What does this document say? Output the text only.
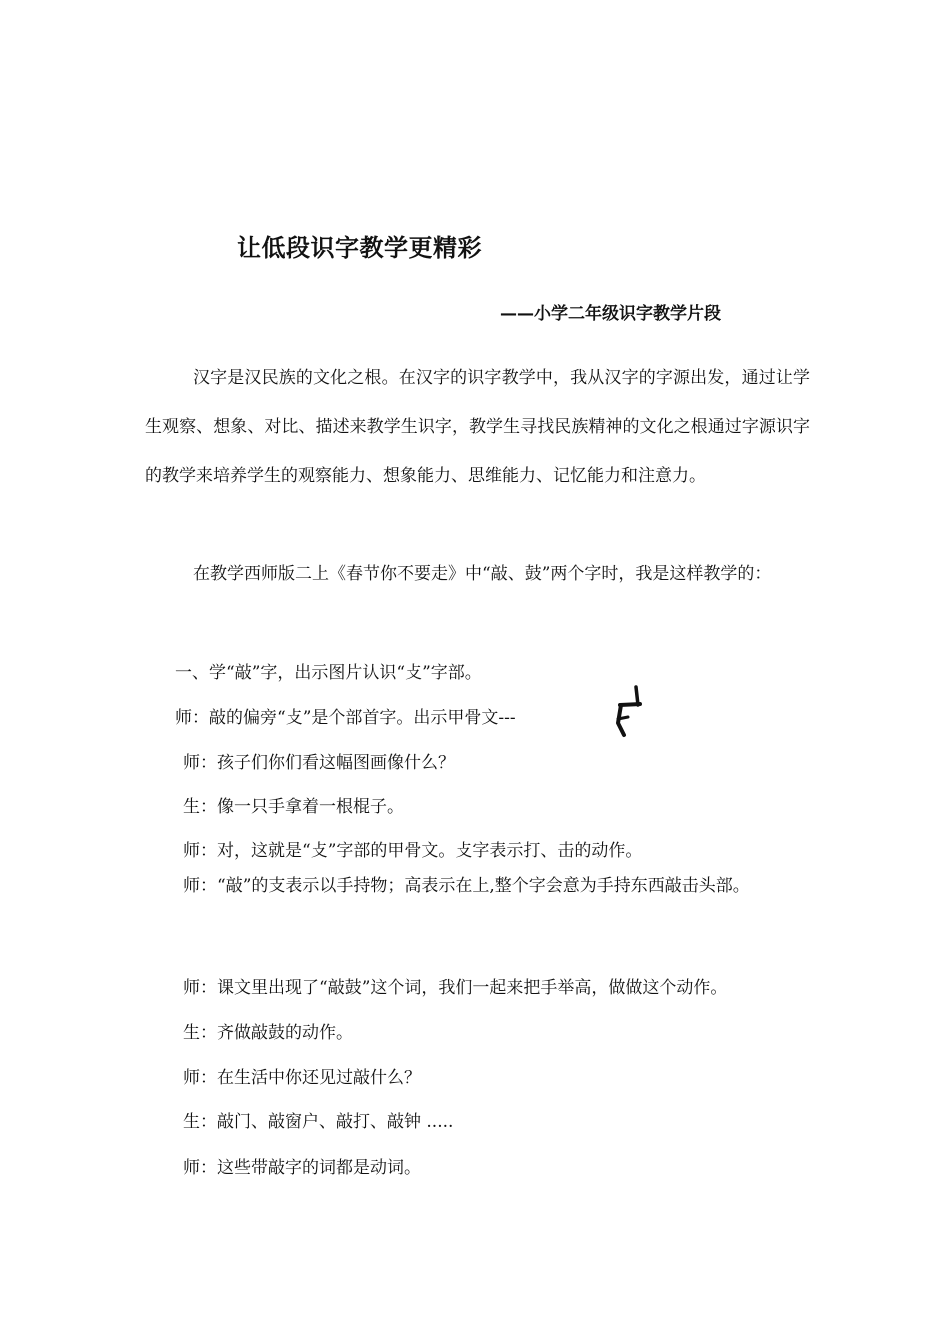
让低段识字教学更精彩
——小学二年级识字教学片段

汉字是汉民族的文化之根。在汉字的识字教学中，我从汉字的字源出发，通过让学生观察、想象、对比、描述来教学生识字，教学生寻找民族精神的文化之根通过字源识字的教学来培养学生的观察能力、想象能力、思维能力、记忆能力和注意力。

在教学西师版二上《春节你不要走》中“敲、鼓”两个字时，我是这样教学的：

一、学“敲”字，出示图片认识“攴”字部。

师：敲的偏旁“攴”是个部首字。出示甲骨文---

师：孩子们你们看这幅图画像什么？

生：像一只手拿着一根棍子。

师：对，这就是“攴”字部的甲骨文。攴字表示打、击的动作。

师：“敲”的支表示以手持物；高表示在上,整个字会意为手持东西敲击头部。

师：课文里出现了“敲鼓”这个词，我们一起来把手举高，做做这个动作。

生：齐做敲鼓的动作。

师：在生活中你还见过敲什么？

生：敲门、敲窗户、敲打、敲钟 .....

师：这些带敲字的词都是动词。
